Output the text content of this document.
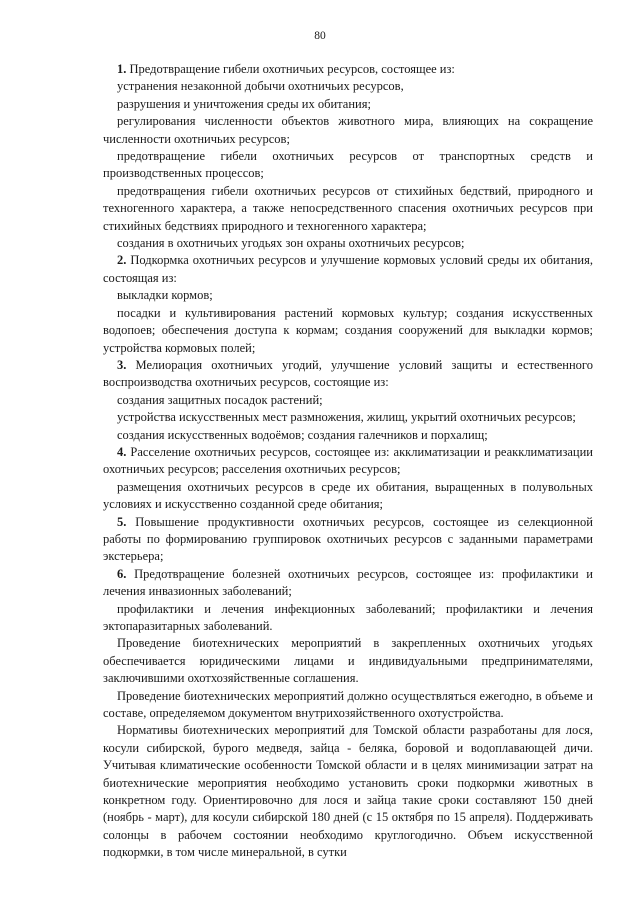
80

1. Предотвращение гибели охотничьих ресурсов, состоящее из:

устранения незаконной добычи охотничьих ресурсов,

разрушения и уничтожения среды их обитания;

регулирования численности объектов животного мира, влияющих на сокращение численности охотничьих ресурсов;

предотвращение гибели охотничьих ресурсов от транспортных средств и производственных процессов;

предотвращения гибели охотничьих ресурсов от стихийных бедствий, природного и техногенного характера, а также непосредственного спасения охотничьих ресурсов при стихийных бедствиях природного и техногенного характера;

создания в охотничьих угодьях зон охраны охотничьих ресурсов;

2. Подкормка охотничьих ресурсов и улучшение кормовых условий среды их обитания, состоящая из:

выкладки кормов;

посадки и культивирования растений кормовых культур; создания искусственных водопоев; обеспечения доступа к кормам; создания сооружений для выкладки кормов; устройства кормовых полей;

3. Мелиорация охотничьих угодий, улучшение условий защиты и естественного воспроизводства охотничьих ресурсов, состоящие из:

создания защитных посадок растений;

устройства искусственных мест размножения, жилищ, укрытий охотничьих ресурсов;

создания искусственных водоёмов; создания галечников и порхалищ;

4. Расселение охотничьих ресурсов, состоящее из: акклиматизации и реакклиматизации охотничьих ресурсов; расселения охотничьих ресурсов;

размещения охотничьих ресурсов в среде их обитания, выращенных в полувольных условиях и искусственно созданной среде обитания;

5. Повышение продуктивности охотничьих ресурсов, состоящее из селекционной работы по формированию группировок охотничьих ресурсов с заданными параметрами экстерьера;

6. Предотвращение болезней охотничьих ресурсов, состоящее из: профилактики и лечения инвазионных заболеваний;

профилактики и лечения инфекционных заболеваний; профилактики и лечения эктопаразитарных заболеваний.

Проведение биотехнических мероприятий в закрепленных охотничьих угодьях обеспечивается юридическими лицами и индивидуальными предпринимателями, заключившими охотхозяйственные соглашения.

Проведение биотехнических мероприятий должно осуществляться ежегодно, в объеме и составе, определяемом документом внутрихозяйственного охотустройства.

Нормативы биотехнических мероприятий для Томской области разработаны для лося, косули сибирской, бурого медведя, зайца - беляка, боровой и водоплавающей дичи. Учитывая климатические особенности Томской области и в целях минимизации затрат на биотехнические мероприятия необходимо установить сроки подкормки животных в конкретном году. Ориентировочно для лося и зайца такие сроки составляют 150 дней (ноябрь - март), для косули сибирской 180 дней (с 15 октября по 15 апреля). Поддерживать солонцы в рабочем состоянии необходимо круглогодично. Объем искусственной подкормки, в том числе минеральной, в сутки
